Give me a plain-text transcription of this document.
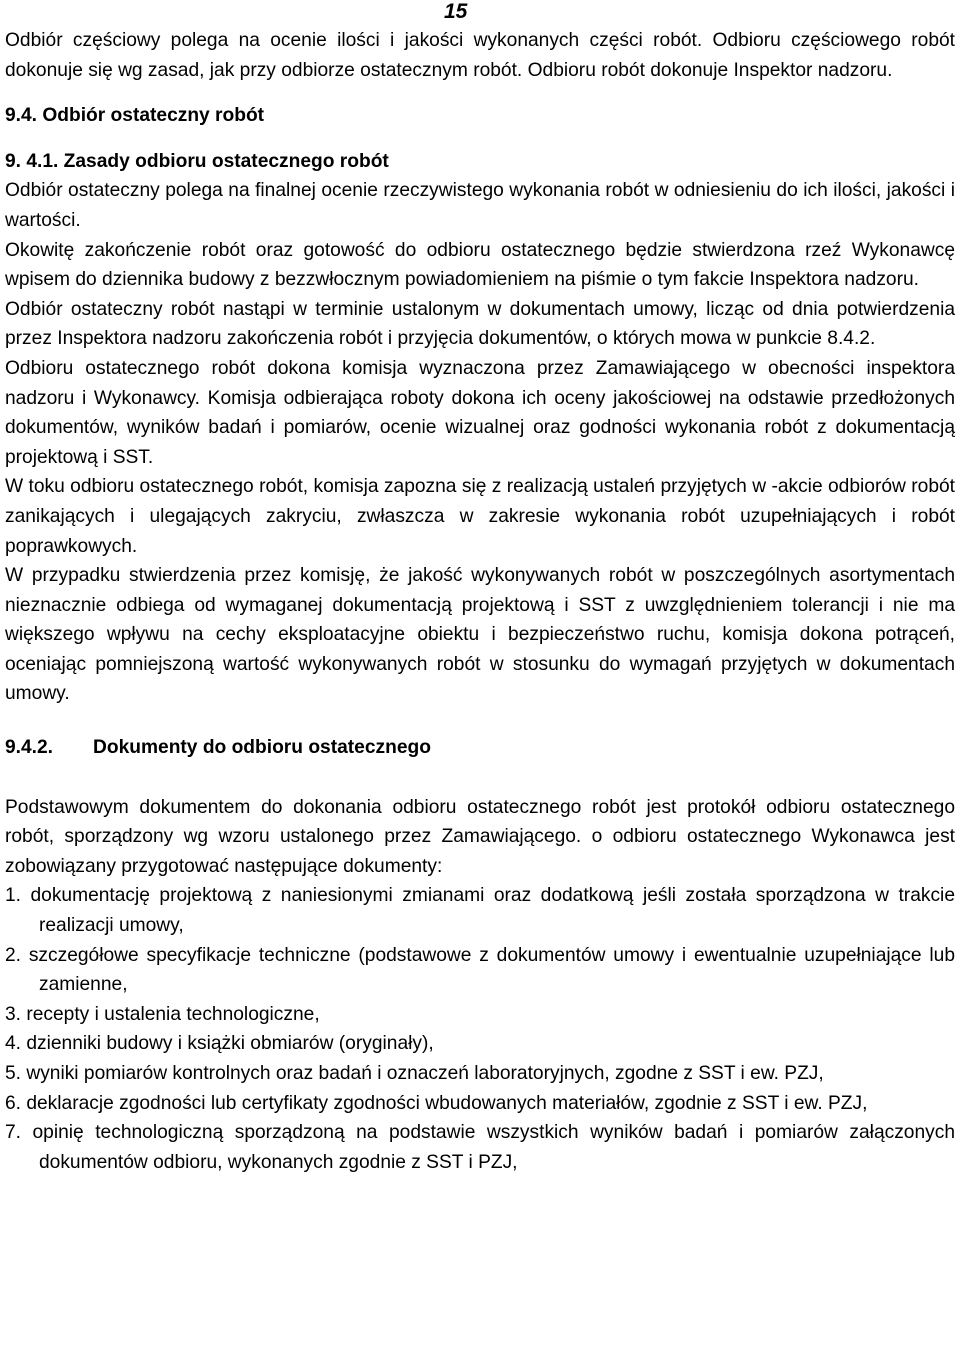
15

Odbiór częściowy polega na ocenie ilości i jakości wykonanych części robót. Odbioru częściowego robót dokonuje się wg zasad, jak przy odbiorze ostatecznym robót. Odbioru robót dokonuje Inspektor nadzoru.

9.4. Odbiór ostateczny robót
9. 4.1. Zasady odbioru ostatecznego robót

Odbiór ostateczny polega na finalnej ocenie rzeczywistego wykonania robót w odniesieniu do ich ilości, jakości i wartości.

Okowitę zakończenie robót oraz gotowość do odbioru ostatecznego będzie stwierdzona rzeź Wykonawcę wpisem do dziennika budowy z bezzwłocznym powiadomieniem na piśmie o tym fakcie Inspektora nadzoru.

Odbiór ostateczny robót nastąpi w terminie ustalonym w dokumentach umowy, licząc od dnia potwierdzenia przez Inspektora nadzoru zakończenia robót i przyjęcia dokumentów, o których mowa w punkcie 8.4.2.

Odbioru ostatecznego robót dokona komisja wyznaczona przez Zamawiającego w obecności inspektora nadzoru i Wykonawcy. Komisja odbierająca roboty dokona ich oceny jakościowej na odstawie przedłożonych dokumentów, wyników badań i pomiarów, ocenie wizualnej oraz godności wykonania robót z dokumentacją projektową i SST.

W toku odbioru ostatecznego robót, komisja zapozna się z realizacją ustaleń przyjętych w -akcie odbiorów robót zanikających i ulegających zakryciu, zwłaszcza w zakresie wykonania robót uzupełniających i robót poprawkowych.

W przypadku stwierdzenia przez komisję, że jakość wykonywanych robót w poszczególnych asortymentach nieznacznie odbiega od wymaganej dokumentacją projektową i SST z uwzględnieniem tolerancji i nie ma większego wpływu na cechy eksploatacyjne obiektu i bezpieczeństwo ruchu, komisja dokona potrąceń, oceniając pomniejszoną wartość wykonywanych robót w stosunku do wymagań przyjętych w dokumentach umowy.

9.4.2.	Dokumenty do odbioru ostatecznego

Podstawowym dokumentem do dokonania odbioru ostatecznego robót jest protokół odbioru ostatecznego robót, sporządzony wg wzoru ustalonego przez Zamawiającego. o odbioru ostatecznego Wykonawca jest zobowiązany przygotować następujące dokumenty:

1. dokumentację projektową z naniesionymi zmianami oraz dodatkową jeśli została sporządzona w trakcie realizacji umowy,
2. szczegółowe specyfikacje techniczne (podstawowe z dokumentów umowy i ewentualnie uzupełniające lub zamienne,
3. recepty i ustalenia technologiczne,
4. dzienniki budowy i książki obmiarów (oryginały),
5. wyniki pomiarów kontrolnych oraz badań i oznaczeń laboratoryjnych, zgodne z SST i ew. PZJ,
6. deklaracje zgodności lub certyfikaty zgodności wbudowanych materiałów, zgodnie z SST i ew. PZJ,
7. opinię technologiczną sporządzoną na podstawie wszystkich wyników badań i pomiarów załączonych dokumentów odbioru, wykonanych zgodnie z SST i PZJ,
